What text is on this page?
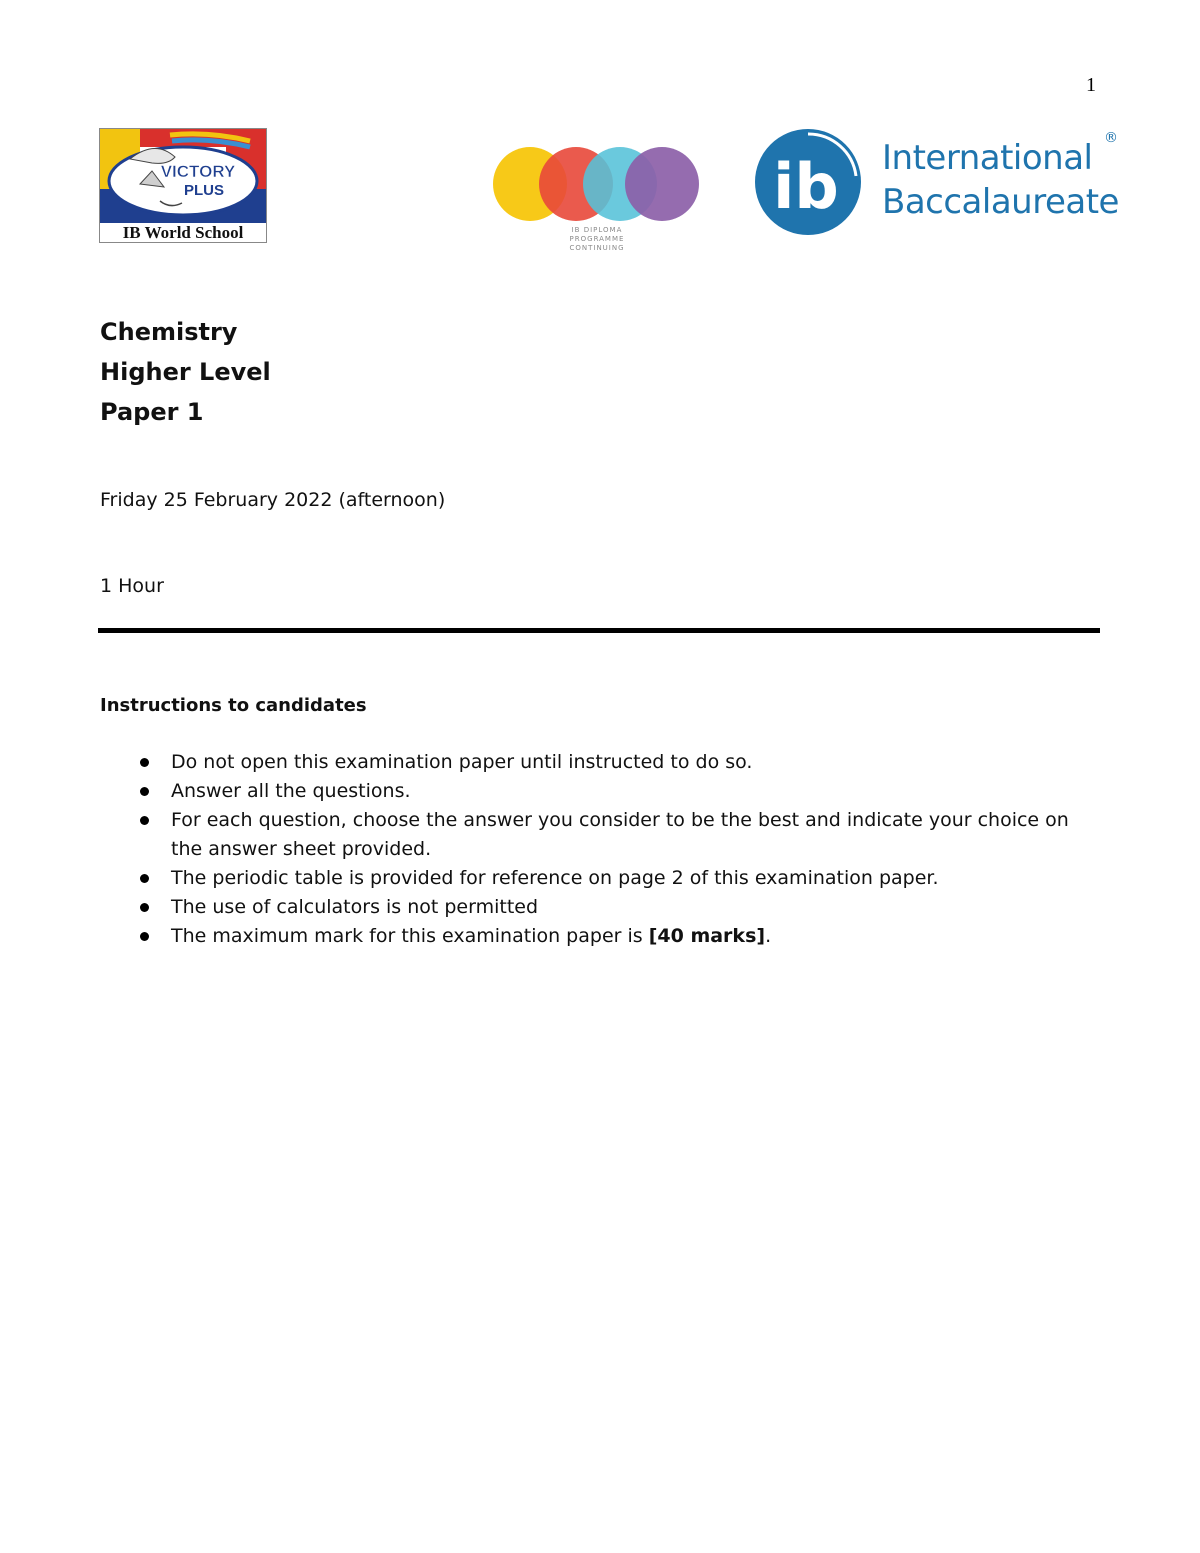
1
VICTORY
PLUS
IB World School	IB DIPLOMA
PROGRAMME
CONTINUING
ib International
Baccalaureate
®

Chemistry

Higher Level

Paper 1

Friday 25 February 2022 (afternoon)
1 Hour
Instructions to candidates
Do not open this examination paper until instructed to do so.
Answer all the questions.
For each question, choose the answer you consider to be the best and indicate your choice on the answer sheet provided.
The periodic table is provided for reference on page 2 of this examination paper.
The use of calculators is not permitted
The maximum mark for this examination paper is [40 marks].
